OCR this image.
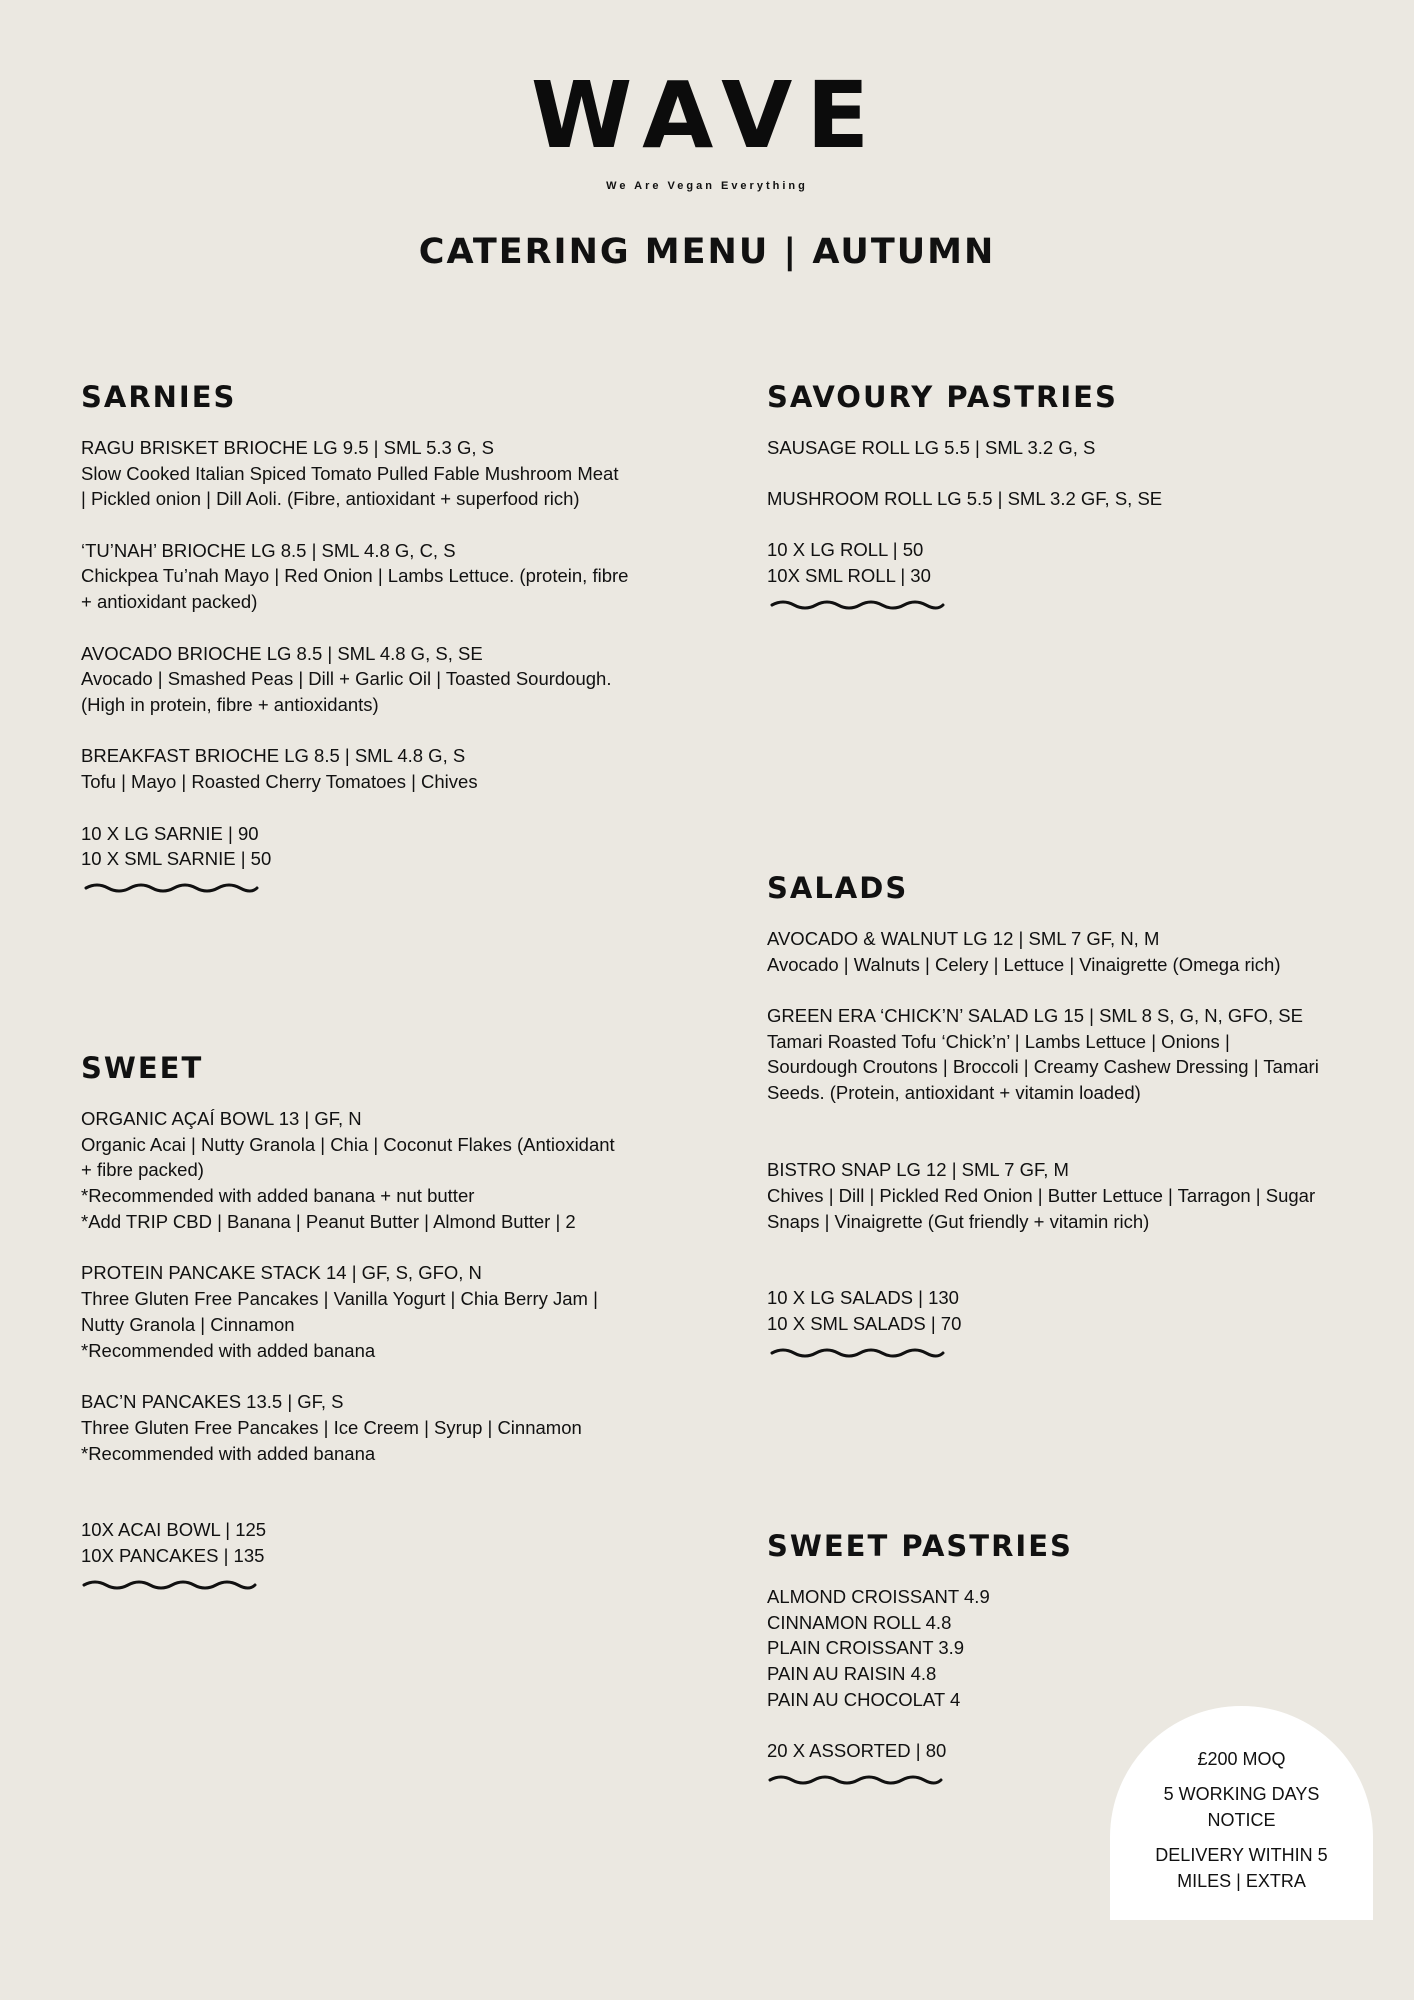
WAVE
We Are Vegan Everything
CATERING MENU | AUTUMN
SARNIES
RAGU BRISKET BRIOCHE LG 9.5 | SML 5.3 G, S
Slow Cooked Italian Spiced Tomato Pulled Fable Mushroom Meat
| Pickled onion | Dill Aoli. (Fibre, antioxidant + superfood rich)
‘TU’NAH’ BRIOCHE LG 8.5 | SML 4.8 G, C, S
Chickpea Tu’nah Mayo | Red Onion | Lambs Lettuce. (protein, fibre
+ antioxidant packed)
AVOCADO BRIOCHE LG 8.5 | SML 4.8 G, S, SE
Avocado | Smashed Peas | Dill + Garlic Oil | Toasted Sourdough.
(High in protein, fibre + antioxidants)
BREAKFAST BRIOCHE LG 8.5 | SML 4.8 G, S
Tofu | Mayo | Roasted Cherry Tomatoes | Chives
10 X LG SARNIE | 90
10 X SML SARNIE | 50
SWEET
ORGANIC AÇAÍ BOWL 13 | GF, N
Organic Acai | Nutty Granola | Chia | Coconut Flakes (Antioxidant
+ fibre packed)
*Recommended with added banana + nut butter
*Add TRIP CBD | Banana | Peanut Butter | Almond Butter | 2
PROTEIN PANCAKE STACK 14 | GF, S, GFO, N
Three Gluten Free Pancakes | Vanilla Yogurt | Chia Berry Jam |
Nutty Granola | Cinnamon
*Recommended with added banana
BAC’N PANCAKES 13.5 | GF, S
Three Gluten Free Pancakes | Ice Creem | Syrup | Cinnamon
*Recommended with added banana
10X ACAI BOWL | 125
10X PANCAKES | 135
SAVOURY PASTRIES
SAUSAGE ROLL LG 5.5 | SML 3.2 G, S
MUSHROOM ROLL LG 5.5 | SML 3.2 GF, S, SE
10 X LG ROLL | 50
10X SML ROLL | 30
SALADS
AVOCADO & WALNUT LG 12 | SML 7 GF, N, M
Avocado | Walnuts | Celery | Lettuce | Vinaigrette (Omega rich)
GREEN ERA ‘CHICK’N’ SALAD LG 15 | SML 8 S, G, N, GFO, SE
Tamari Roasted Tofu ‘Chick’n’ | Lambs Lettuce | Onions |
Sourdough Croutons | Broccoli | Creamy Cashew Dressing | Tamari
Seeds. (Protein, antioxidant + vitamin loaded)
BISTRO SNAP LG 12 | SML 7 GF, M
Chives | Dill | Pickled Red Onion | Butter Lettuce | Tarragon | Sugar
Snaps | Vinaigrette (Gut friendly + vitamin rich)
10 X LG SALADS | 130
10 X SML SALADS | 70
SWEET PASTRIES
ALMOND CROISSANT 4.9
CINNAMON ROLL 4.8
PLAIN CROISSANT 3.9
PAIN AU RAISIN 4.8
PAIN AU CHOCOLAT 4
20 X ASSORTED | 80	£200 MOQ
5 WORKING DAYS NOTICE
DELIVERY WITHIN 5 MILES | EXTRA
